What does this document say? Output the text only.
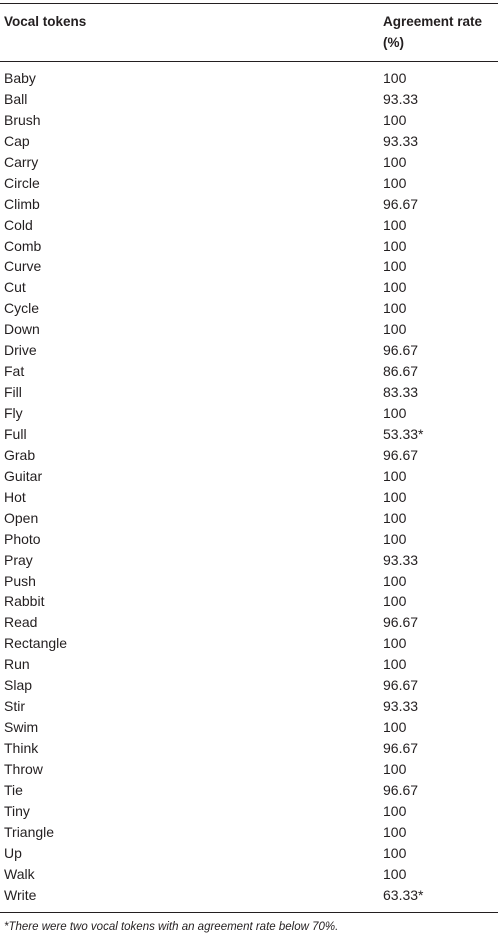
Vocal tokens	Agreement rate
(%)
Baby	100
Ball	93.33
Brush	100
Cap	93.33
Carry	100
Circle	100
Climb	96.67
Cold	100
Comb	100
Curve	100
Cut	100
Cycle	100
Down	100
Drive	96.67
Fat	86.67
Fill	83.33
Fly	100
Full	53.33*
Grab	96.67
Guitar	100
Hot	100
Open	100
Photo	100
Pray	93.33
Push	100
Rabbit	100
Read	96.67
Rectangle	100
Run	100
Slap	96.67
Stir	93.33
Swim	100
Think	96.67
Throw	100
Tie	96.67
Tiny	100
Triangle	100
Up	100
Walk	100
Write	63.33*
*There were two vocal tokens with an agreement rate below 70%.
